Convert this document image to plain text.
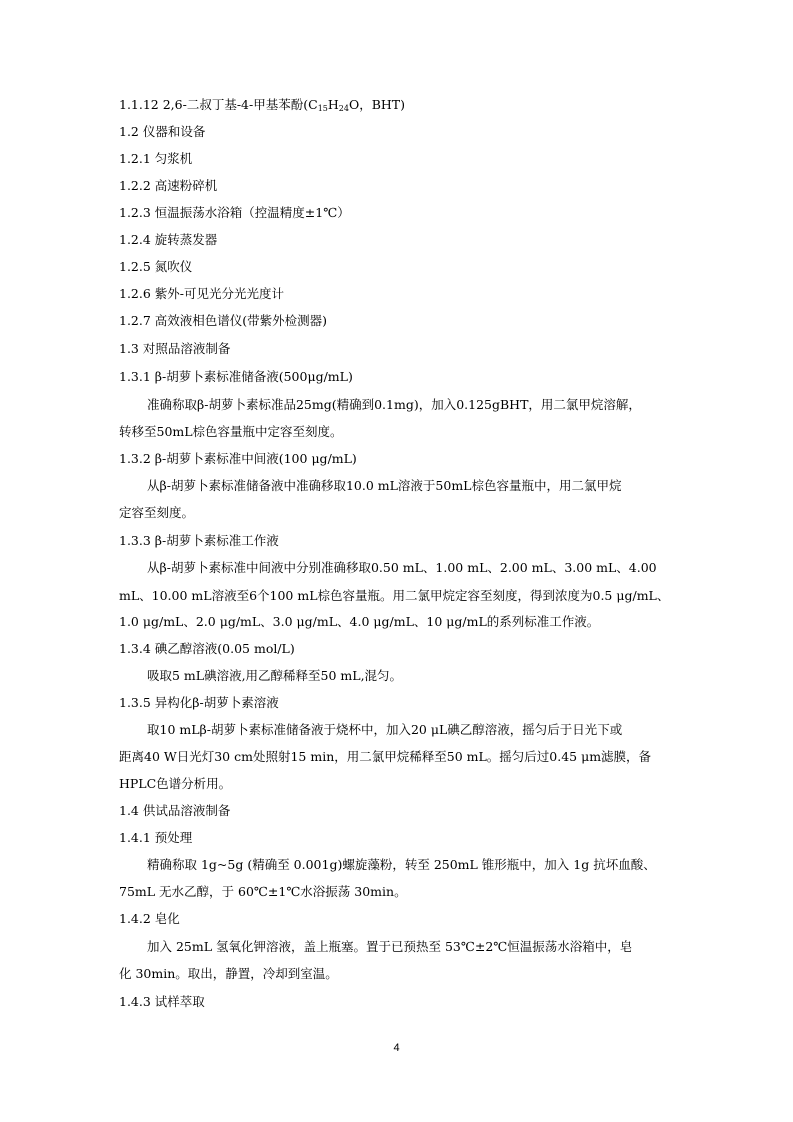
1.1.12 2,6-二叔丁基-4-甲基苯酚($C_{15}H_{24}O$，BHT)
1.2 仪器和设备
1.2.1 匀浆机
1.2.2 高速粉碎机
1.2.3 恒温振荡水浴箱（控温精度±1℃）
1.2.4 旋转蒸发器
1.2.5 氮吹仪
1.2.6 紫外-可见光分光光度计
1.2.7 高效液相色谱仪(带紫外检测器)
1.3 对照品溶液制备
1.3.1 β-胡萝卜素标准储备液(500μg/mL)
准确称取β-胡萝卜素标准品25mg(精确到0.1mg)，加入0.125gBHT，用二氯甲烷溶解，
转移至50mL棕色容量瓶中定容至刻度。
1.3.2 β-胡萝卜素标准中间液(100 μg/mL)
从β-胡萝卜素标准储备液中准确移取10.0 mL溶液于50mL棕色容量瓶中，用二氯甲烷
定容至刻度。
1.3.3 β-胡萝卜素标准工作液
从β-胡萝卜素标准中间液中分别准确移取0.50 mL、1.00 mL、2.00 mL、3.00 mL、4.00
mL、10.00 mL溶液至6个100 mL棕色容量瓶。用二氯甲烷定容至刻度，得到浓度为0.5 μg/mL、
1.0 μg/mL、2.0 μg/mL、3.0 μg/mL、4.0 μg/mL、10 μg/mL的系列标准工作液。
1.3.4 碘乙醇溶液(0.05 mol/L)
吸取5 mL碘溶液,用乙醇稀释至50 mL,混匀。
1.3.5 异构化β-胡萝卜素溶液
取10 mLβ-胡萝卜素标准储备液于烧杯中，加入20 μL碘乙醇溶液，摇匀后于日光下或
距离40 W日光灯30 cm处照射15 min，用二氯甲烷稀释至50 mL。摇匀后过0.45 μm滤膜，备
HPLC色谱分析用。
1.4 供试品溶液制备
1.4.1 预处理
精确称取 1g~5g (精确至 0.001g)螺旋藻粉，转至 250mL 锥形瓶中，加入 1g 抗坏血酸、
75mL 无水乙醇，于 60℃±1℃水浴振荡 30min。
1.4.2 皂化
加入 25mL 氢氧化钾溶液，盖上瓶塞。置于已预热至 53℃±2℃恒温振荡水浴箱中，皂
化 30min。取出，静置，冷却到室温。
1.4.3 试样萃取
4
